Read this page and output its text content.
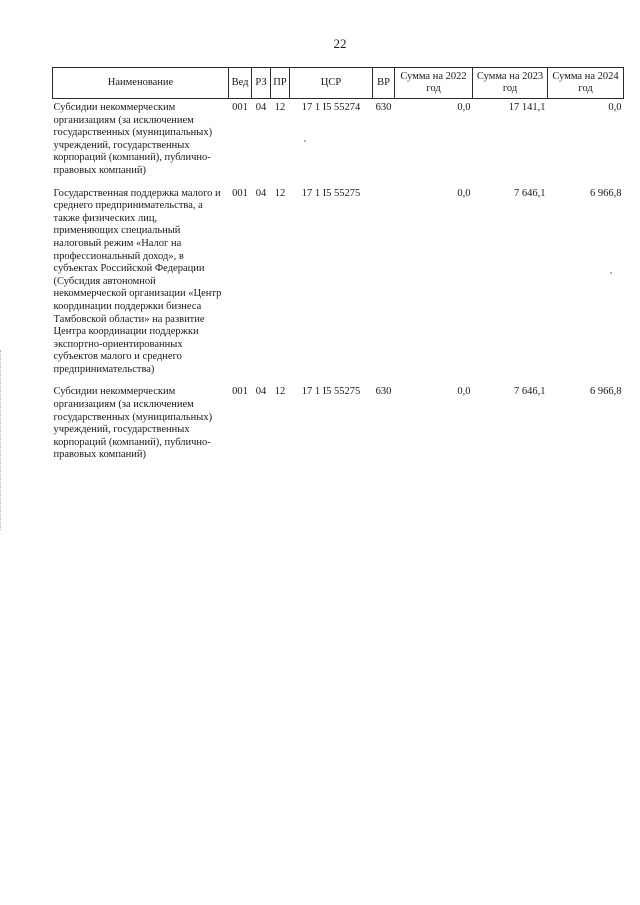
22
Наименование	Вед	РЗ	ПР	ЦСР	ВР	Сумма на 2022 год	Сумма на 2023 год	Сумма на 2024 год
Субсидии некоммерческим организациям (за исключением государственных (муниципальных) учреждений, государственных корпораций (компаний), публично-правовых компаний)	001	04	12	17 1 I5 55274	630	0,0	17 141,1	0,0

Государственная поддержка малого и среднего предпринимательства, а также физических лиц, применяющих специальный налоговый режим «Налог на профессиональный доход», в субъектах Российской Федерации (Субсидия автономной некоммерческой организации «Центр координации поддержки бизнеса Тамбовской области» на развитие Центра координации поддержки экспортно-ориентированных субъектов малого и среднего предпринимательства)	001	04	12	17 1 I5 55275		0,0	7 646,1	6 966,8

Субсидии некоммерческим организациям (за исключением государственных (муниципальных) учреждений, государственных корпораций (компаний), публично-правовых компаний)	001	04	12	17 1 I5 55275	630	0,0	7 646,1	6 966,8
